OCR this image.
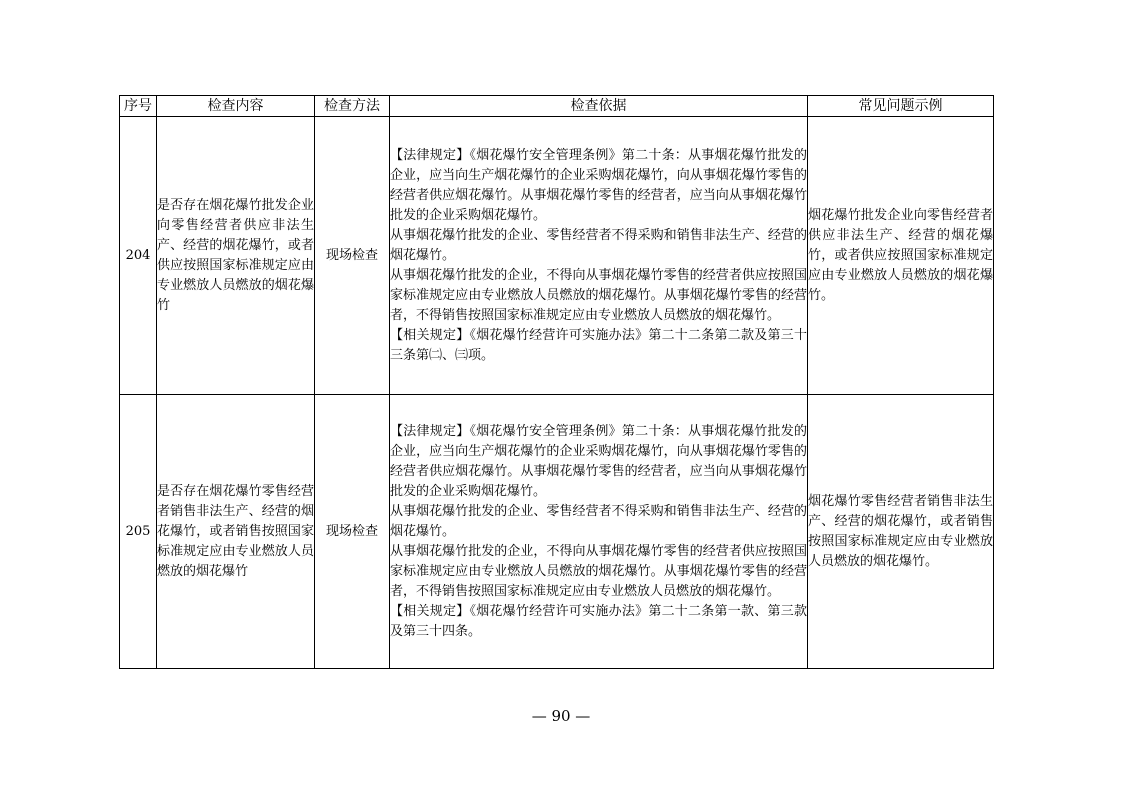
序号	检查内容	检查方法	检查依据	常见问题示例
204	是否存在烟花爆竹批发企业向零售经营者供应非法生产、经营的烟花爆竹，或者供应按照国家标准规定应由专业燃放人员燃放的烟花爆竹	现场检查	【法律规定】《烟花爆竹安全管理条例》第二十条：从事烟花爆竹批发的企业，应当向生产烟花爆竹的企业采购烟花爆竹，向从事烟花爆竹零售的经营者供应烟花爆竹。从事烟花爆竹零售的经营者，应当向从事烟花爆竹批发的企业采购烟花爆竹。
从事烟花爆竹批发的企业、零售经营者不得采购和销售非法生产、经营的烟花爆竹。
从事烟花爆竹批发的企业，不得向从事烟花爆竹零售的经营者供应按照国家标准规定应由专业燃放人员燃放的烟花爆竹。从事烟花爆竹零售的经营者，不得销售按照国家标准规定应由专业燃放人员燃放的烟花爆竹。
【相关规定】《烟花爆竹经营许可实施办法》第二十二条第二款及第三十三条第㈡、㈢项。	烟花爆竹批发企业向零售经营者供应非法生产、经营的烟花爆竹，或者供应按照国家标准规定应由专业燃放人员燃放的烟花爆竹。
205	是否存在烟花爆竹零售经营者销售非法生产、经营的烟花爆竹，或者销售按照国家标准规定应由专业燃放人员燃放的烟花爆竹	现场检查	【法律规定】《烟花爆竹安全管理条例》第二十条：从事烟花爆竹批发的企业，应当向生产烟花爆竹的企业采购烟花爆竹，向从事烟花爆竹零售的经营者供应烟花爆竹。从事烟花爆竹零售的经营者，应当向从事烟花爆竹批发的企业采购烟花爆竹。
从事烟花爆竹批发的企业、零售经营者不得采购和销售非法生产、经营的烟花爆竹。
从事烟花爆竹批发的企业，不得向从事烟花爆竹零售的经营者供应按照国家标准规定应由专业燃放人员燃放的烟花爆竹。从事烟花爆竹零售的经营者，不得销售按照国家标准规定应由专业燃放人员燃放的烟花爆竹。
【相关规定】《烟花爆竹经营许可实施办法》第二十二条第一款、第三款及第三十四条。	烟花爆竹零售经营者销售非法生产、经营的烟花爆竹，或者销售按照国家标准规定应由专业燃放人员燃放的烟花爆竹。
— 90 —
